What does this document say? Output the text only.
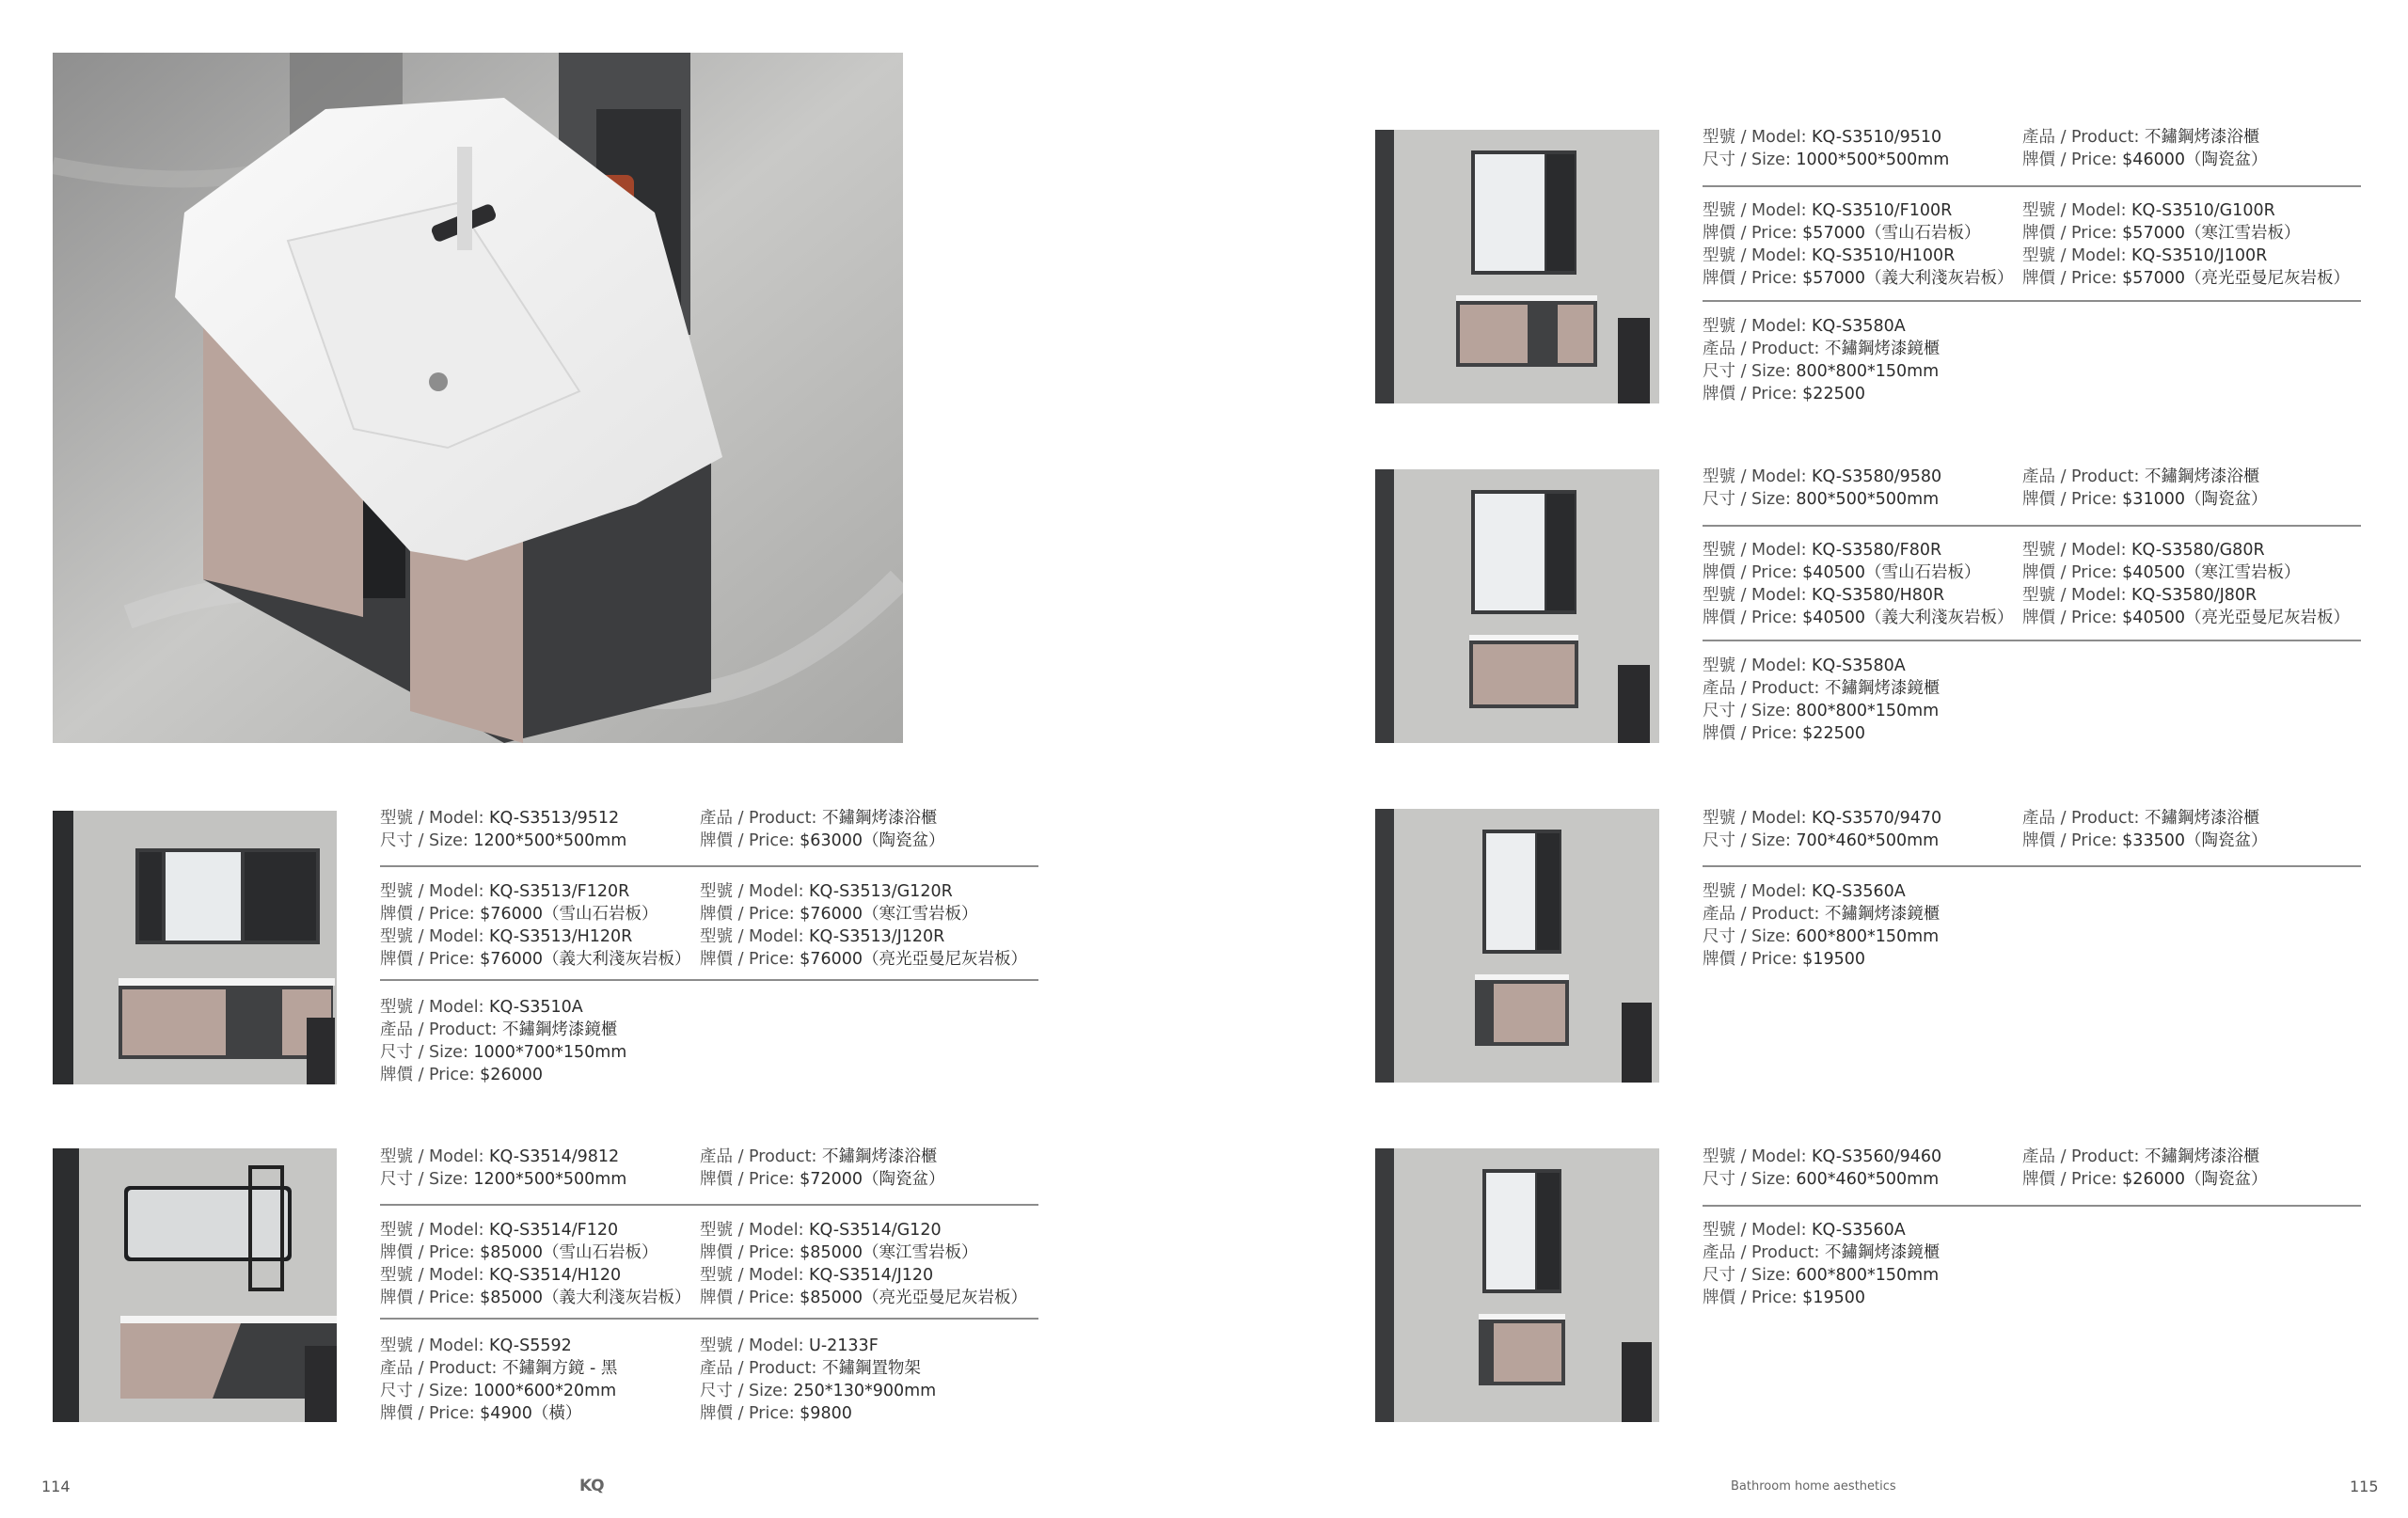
型號 / Model: KQ-S3513/9512	產品 / Product: 不鏽鋼烤漆浴櫃
尺寸 / Size: 1200*500*500mm	牌價 / Price: $63000（陶瓷盆）
型號 / Model: KQ-S3513/F120R	型號 / Model: KQ-S3513/G120R
牌價 / Price: $76000（雪山石岩板）	牌價 / Price: $76000（寒江雪岩板）
型號 / Model: KQ-S3513/H120R	型號 / Model: KQ-S3513/J120R
牌價 / Price: $76000（義大利淺灰岩板） 牌價 / Price: $76000（亮光亞曼尼灰岩板）
型號 / Model: KQ-S3510A
產品 / Product: 不鏽鋼烤漆鏡櫃
尺寸 / Size: 1000*700*150mm
牌價 / Price: $26000
型號 / Model: KQ-S3514/9812	產品 / Product: 不鏽鋼烤漆浴櫃
尺寸 / Size: 1200*500*500mm	牌價 / Price: $72000（陶瓷盆）
型號 / Model: KQ-S3514/F120	型號 / Model: KQ-S3514/G120
牌價 / Price: $85000（雪山石岩板）	牌價 / Price: $85000（寒江雪岩板）
型號 / Model: KQ-S3514/H120	型號 / Model: KQ-S3514/J120
牌價 / Price: $85000（義大利淺灰岩板） 牌價 / Price: $85000（亮光亞曼尼灰岩板）
型號 / Model: KQ-S5592	型號 / Model: U-2133F
產品 / Product: 不鏽鋼方鏡 - 黑	產品 / Product: 不鏽鋼置物架
尺寸 / Size: 1000*600*20mm	尺寸 / Size: 250*130*900mm
牌價 / Price: $4900（橫）	牌價 / Price: $9800
型號 / Model: KQ-S3510/9510	產品 / Product: 不鏽鋼烤漆浴櫃
尺寸 / Size: 1000*500*500mm	牌價 / Price: $46000（陶瓷盆）
型號 / Model: KQ-S3510/F100R	型號 / Model: KQ-S3510/G100R
牌價 / Price: $57000（雪山石岩板）	牌價 / Price: $57000（寒江雪岩板）
型號 / Model: KQ-S3510/H100R	型號 / Model: KQ-S3510/J100R
牌價 / Price: $57000（義大利淺灰岩板） 牌價 / Price: $57000（亮光亞曼尼灰岩板）
型號 / Model: KQ-S3580A
產品 / Product: 不鏽鋼烤漆鏡櫃
尺寸 / Size: 800*800*150mm
牌價 / Price: $22500
型號 / Model: KQ-S3580/9580	產品 / Product: 不鏽鋼烤漆浴櫃
尺寸 / Size: 800*500*500mm	牌價 / Price: $31000（陶瓷盆）
型號 / Model: KQ-S3580/F80R	型號 / Model: KQ-S3580/G80R
牌價 / Price: $40500（雪山石岩板）	牌價 / Price: $40500（寒江雪岩板）
型號 / Model: KQ-S3580/H80R	型號 / Model: KQ-S3580/J80R
牌價 / Price: $40500（義大利淺灰岩板） 牌價 / Price: $40500（亮光亞曼尼灰岩板）
型號 / Model: KQ-S3580A
產品 / Product: 不鏽鋼烤漆鏡櫃
尺寸 / Size: 800*800*150mm
牌價 / Price: $22500
型號 / Model: KQ-S3570/9470	產品 / Product: 不鏽鋼烤漆浴櫃
尺寸 / Size: 700*460*500mm	牌價 / Price: $33500（陶瓷盆）
型號 / Model: KQ-S3560A
產品 / Product: 不鏽鋼烤漆鏡櫃
尺寸 / Size: 600*800*150mm
牌價 / Price: $19500
型號 / Model: KQ-S3560/9460	產品 / Product: 不鏽鋼烤漆浴櫃
尺寸 / Size: 600*460*500mm	牌價 / Price: $26000（陶瓷盆）
型號 / Model: KQ-S3560A
產品 / Product: 不鏽鋼烤漆鏡櫃
尺寸 / Size: 600*800*150mm
牌價 / Price: $19500
114	KQ	Bathroom home aesthetics	115
